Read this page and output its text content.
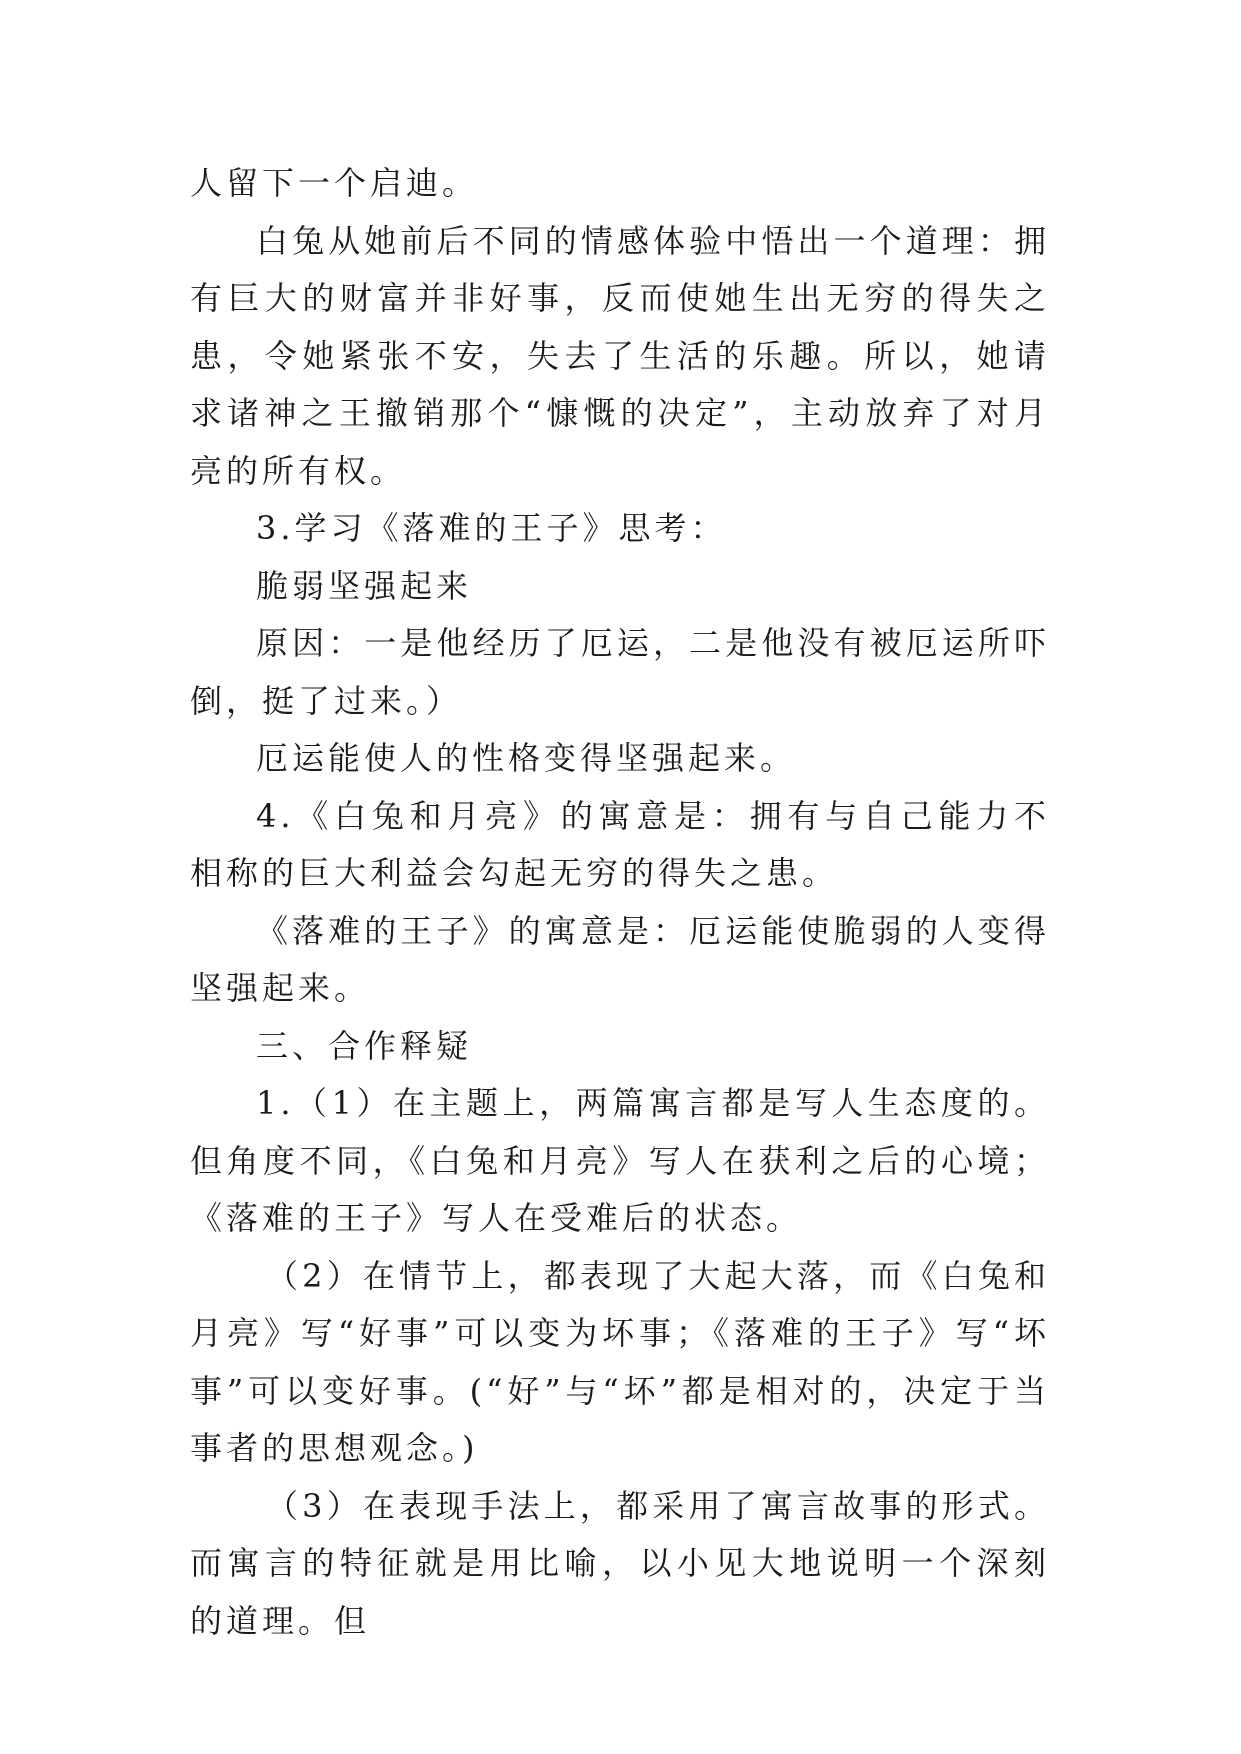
人留下一个启迪。

白兔从她前后不同的情感体验中悟出一个道理：拥有巨大的财富并非好事，反而使她生出无穷的得失之患，令她紧张不安，失去了生活的乐趣。所以，她请求诸神之王撤销那个“慷慨的决定”，主动放弃了对月亮的所有权。

3.学习《落难的王子》思考：

脆弱坚强起来

原因：一是他经历了厄运，二是他没有被厄运所吓倒，挺了过来。）

厄运能使人的性格变得坚强起来。

4.《白兔和月亮》的寓意是：拥有与自己能力不相称的巨大利益会勾起无穷的得失之患。

《落难的王子》的寓意是：厄运能使脆弱的人变得坚强起来。

三、合作释疑

1.（1）在主题上，两篇寓言都是写人生态度的。但角度不同，《白兔和月亮》写人在获利之后的心境；《落难的王子》写人在受难后的状态。

（2）在情节上，都表现了大起大落，而《白兔和月亮》写“好事”可以变为坏事；《落难的王子》写“坏事”可以变好事。(“好”与“坏”都是相对的，决定于当事者的思想观念。)

（3）在表现手法上，都采用了寓言故事的形式。而寓言的特征就是用比喻，以小见大地说明一个深刻的道理。但
